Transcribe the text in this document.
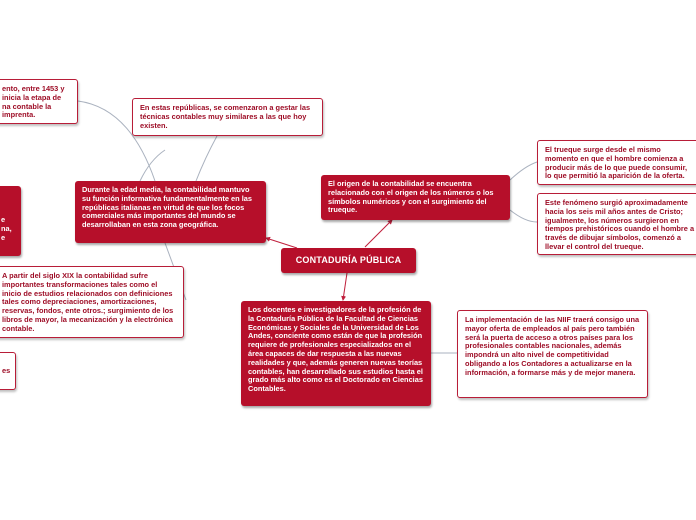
ento, entre 1453 y inicia la etapa de na contable la imprenta.
En estas repúblicas, se comenzaron a gestar las técnicas contables muy similares a las que hoy existen.
e na, e
Durante la edad media, la contabilidad mantuvo su función informativa fundamentalmente en las repúblicas italianas en virtud de que los focos comerciales más importantes del mundo se desarrollaban en esta zona geográfica.
A partir del siglo XIX la contabilidad sufre importantes transformaciones tales como el inicio de estudios relacionados con definiciones tales como depreciaciones, amortizaciones, reservas, fondos, ente otros.; surgimiento de los libros de mayor, la mecanización y la electrónica contable.
es
CONTADURÍA PÚBLICA
El origen de la contabilidad se encuentra relacionado con el origen de los números o los símbolos numéricos y con el surgimiento del trueque.
El trueque surge desde el mismo momento en que el hombre comienza a producir más de lo que puede consumir, lo que permitió la aparición de la oferta.
Este fenómeno surgió aproximadamente hacia los seis mil años antes de Cristo; igualmente, los números surgieron en tiempos prehistóricos cuando el hombre a través de dibujar símbolos, comenzó a llevar el control del trueque.
Los docentes e investigadores de la profesión de la Contaduría Pública de la Facultad de Ciencias Económicas y Sociales de la Universidad de Los Andes, conciente como están de que la profesión requiere de profesionales especializados en el área capaces de dar respuesta a las nuevas realidades y que, además generen nuevas teorías contables, han desarrollado sus estudios hasta el grado más alto como es el Doctorado en Ciencias Contables.
La implementación de las NIIF traerá consigo una mayor oferta de empleados al país pero también será la puerta de acceso a otros países para los profesionales contables nacionales, además impondrá un alto nivel de competitividad obligando a los Contadores a actualizarse en la información, a formarse más y de mejor manera.
